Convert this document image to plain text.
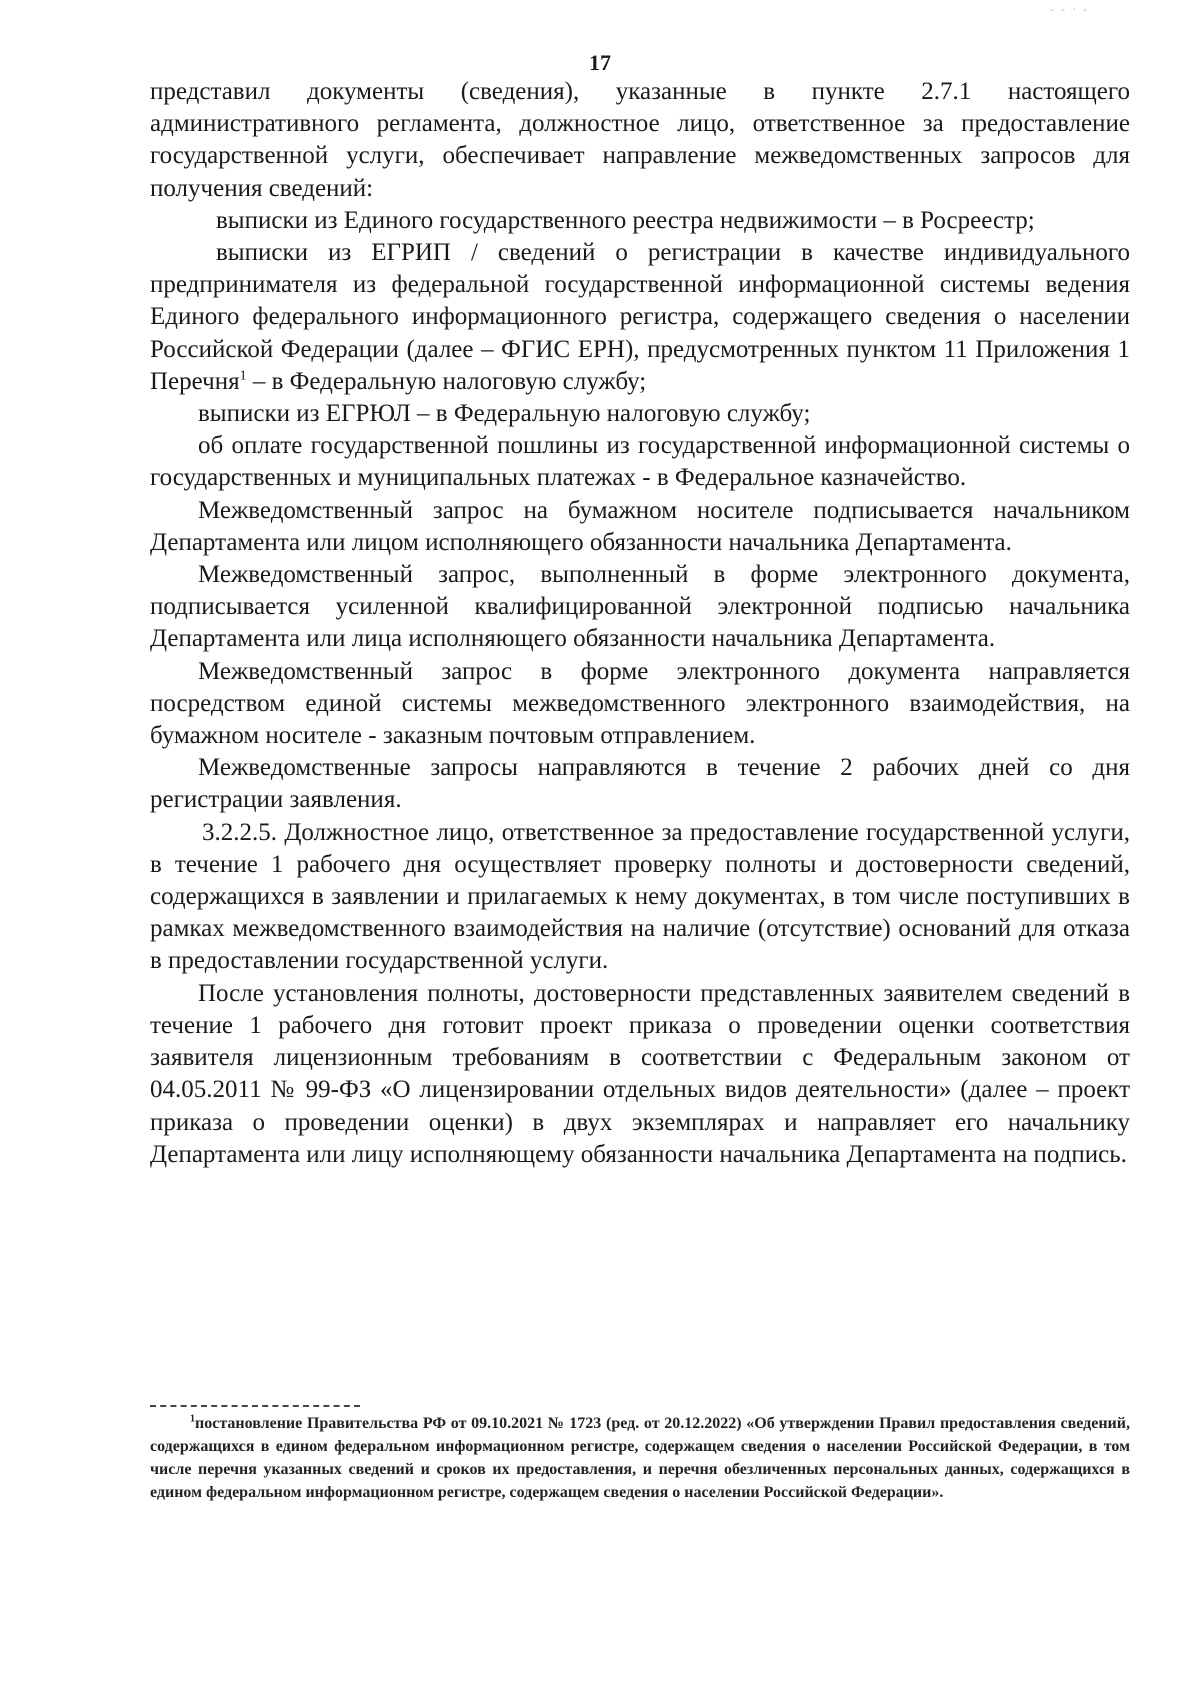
- - · -
17

представил документы (сведения), указанные в пункте 2.7.1 настоящего административного регламента, должностное лицо, ответственное за предоставление государственной услуги, обеспечивает направление межведомственных запросов для получения сведений:

выписки из Единого государственного реестра недвижимости – в Росреестр;

выписки из ЕГРИП / сведений о регистрации в качестве индивидуального предпринимателя из федеральной государственной информационной системы ведения Единого федерального информационного регистра, содержащего сведения о населении Российской Федерации (далее – ФГИС ЕРН), предусмотренных пунктом 11 Приложения 1 Перечня$^1$ – в Федеральную налоговую службу;

выписки из ЕГРЮЛ – в Федеральную налоговую службу;

об оплате государственной пошлины из государственной информационной системы о государственных и муниципальных платежах - в Федеральное казначейство.

Межведомственный запрос на бумажном носителе подписывается начальником Департамента или лицом исполняющего обязанности начальника Департамента.

Межведомственный запрос, выполненный в форме электронного документа, подписывается усиленной квалифицированной электронной подписью начальника Департамента или лица исполняющего обязанности начальника Департамента.

Межведомственный запрос в форме электронного документа направляется посредством единой системы межведомственного электронного взаимодействия, на бумажном носителе - заказным почтовым отправлением.

Межведомственные запросы направляются в течение 2 рабочих дней со дня регистрации заявления.

3.2.2.5. Должностное лицо, ответственное за предоставление государственной услуги, в течение 1 рабочего дня осуществляет проверку полноты и достоверности сведений, содержащихся в заявлении и прилагаемых к нему документах, в том числе поступивших в рамках межведомственного взаимодействия на наличие (отсутствие) оснований для отказа в предоставлении государственной услуги.

После установления полноты, достоверности представленных заявителем сведений в течение 1 рабочего дня готовит проект приказа о проведении оценки соответствия заявителя лицензионным требованиям в соответствии с Федеральным законом от 04.05.2011 № 99-ФЗ «О лицензировании отдельных видов деятельности» (далее – проект приказа о проведении оценки) в двух экземплярах и направляет его начальнику Департамента или лицу исполняющему обязанности начальника Департамента на подпись.

$^1$постановление Правительства РФ от 09.10.2021 № 1723 (ред. от 20.12.2022) «Об утверждении Правил предоставления сведений, содержащихся в едином федеральном информационном регистре, содержащем сведения о населении Российской Федерации, в том числе перечня указанных сведений и сроков их предоставления, и перечня обезличенных персональных данных, содержащихся в едином федеральном информационном регистре, содержащем сведения о населении Российской Федерации».
